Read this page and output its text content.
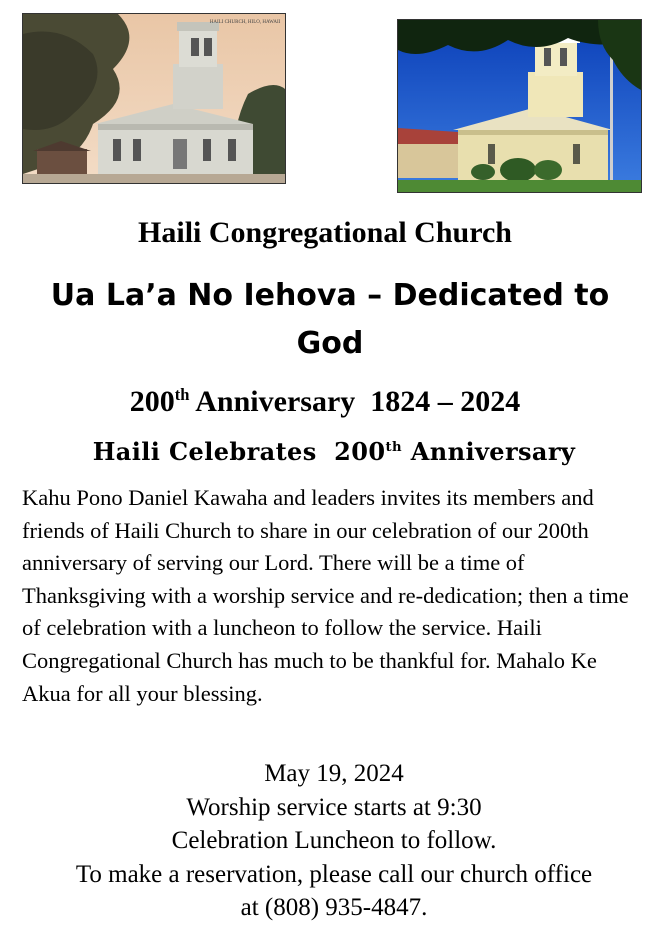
HAILI CHURCH, HILO, HAWAII
Haili Congregational Church
Ua La’a No Iehova – Dedicated to God
200th Anniversary 1824 – 2024
Haili Celebrates 200th Anniversary
Kahu Pono Daniel Kawaha and leaders invites its members and friends of Haili Church to share in our celebration of our 200th anniversary of serving our Lord. There will be a time of Thanksgiving with a worship service and re-dedication; then a time of celebration with a luncheon to follow the service. Haili Congregational Church has much to be thankful for. Mahalo Ke Akua for all your blessing.
May 19, 2024
Worship service starts at 9:30
Celebration Luncheon to follow.
To make a reservation, please call our church office
at (808) 935-4847.
